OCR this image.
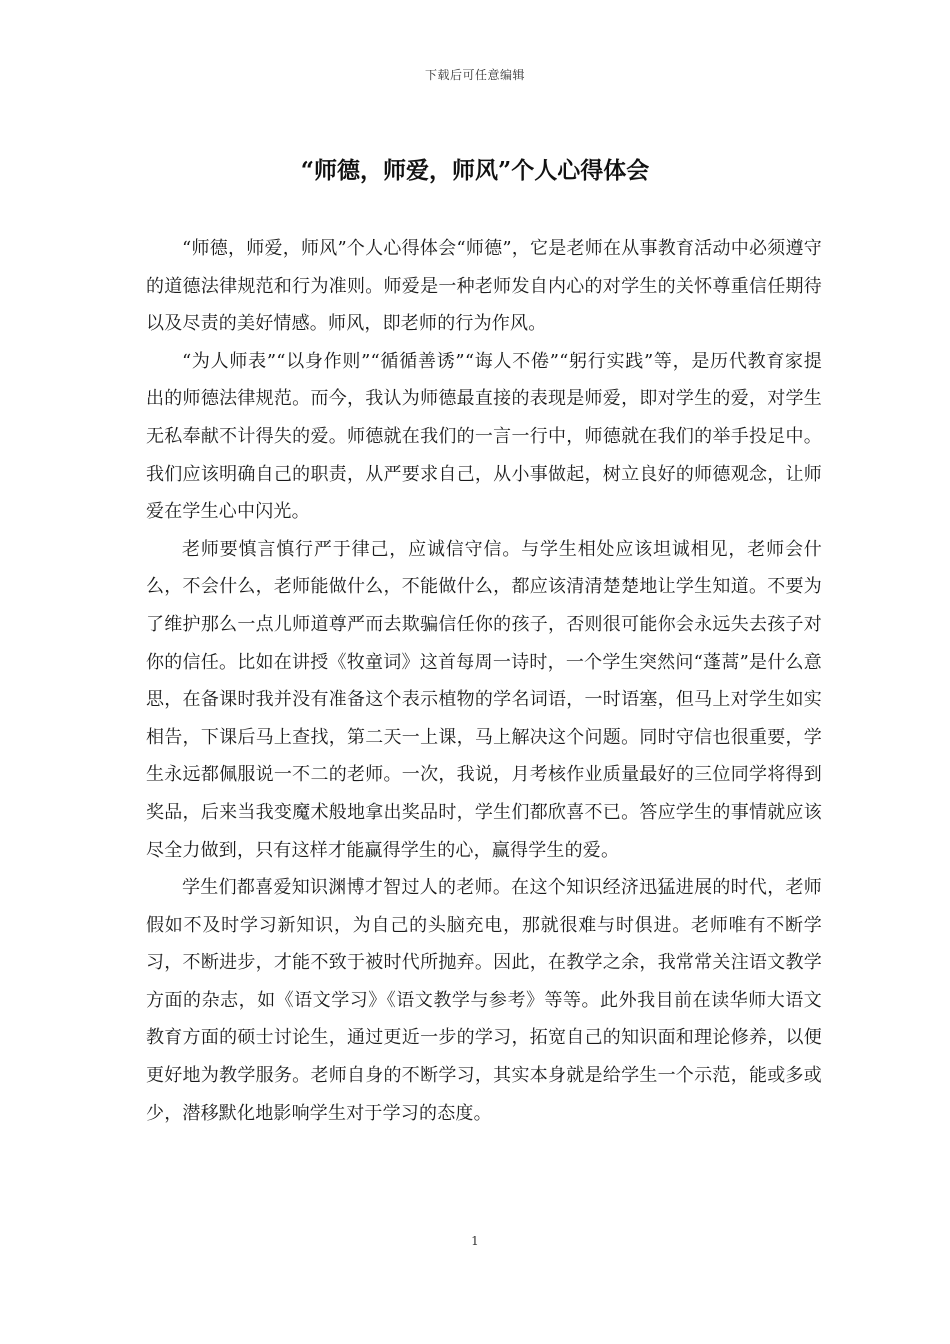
下载后可任意编辑
“师德，师爱，师风”个人心得体会

“师德，师爱，师风”个人心得体会“师德”，它是老师在从事教育活动中必须遵守的道德法律规范和行为准则。师爱是一种老师发自内心的对学生的关怀尊重信任期待以及尽责的美好情感。师风，即老师的行为作风。

“为人师表”“以身作则”“循循善诱”“诲人不倦”“躬行实践”等，是历代教育家提出的师德法律规范。而今，我认为师德最直接的表现是师爱，即对学生的爱，对学生无私奉献不计得失的爱。师德就在我们的一言一行中，师德就在我们的举手投足中。我们应该明确自己的职责，从严要求自己，从小事做起，树立良好的师德观念，让师爱在学生心中闪光。

老师要慎言慎行严于律己，应诚信守信。与学生相处应该坦诚相见，老师会什么，不会什么，老师能做什么，不能做什么，都应该清清楚楚地让学生知道。不要为了维护那么一点儿师道尊严而去欺骗信任你的孩子，否则很可能你会永远失去孩子对你的信任。比如在讲授《牧童词》这首每周一诗时，一个学生突然问“蓬蒿”是什么意思，在备课时我并没有准备这个表示植物的学名词语，一时语塞，但马上对学生如实相告，下课后马上查找，第二天一上课，马上解决这个问题。同时守信也很重要，学生永远都佩服说一不二的老师。一次，我说，月考核作业质量最好的三位同学将得到奖品，后来当我变魔术般地拿出奖品时，学生们都欣喜不已。答应学生的事情就应该尽全力做到，只有这样才能赢得学生的心，赢得学生的爱。

学生们都喜爱知识渊博才智过人的老师。在这个知识经济迅猛进展的时代，老师假如不及时学习新知识，为自己的头脑充电，那就很难与时俱进。老师唯有不断学习，不断进步，才能不致于被时代所抛弃。因此，在教学之余，我常常关注语文教学方面的杂志，如《语文学习》《语文教学与参考》等等。此外我目前在读华师大语文教育方面的硕士讨论生，通过更近一步的学习，拓宽自己的知识面和理论修养，以便更好地为教学服务。老师自身的不断学习，其实本身就是给学生一个示范，能或多或少，潜移默化地影响学生对于学习的态度。

1
